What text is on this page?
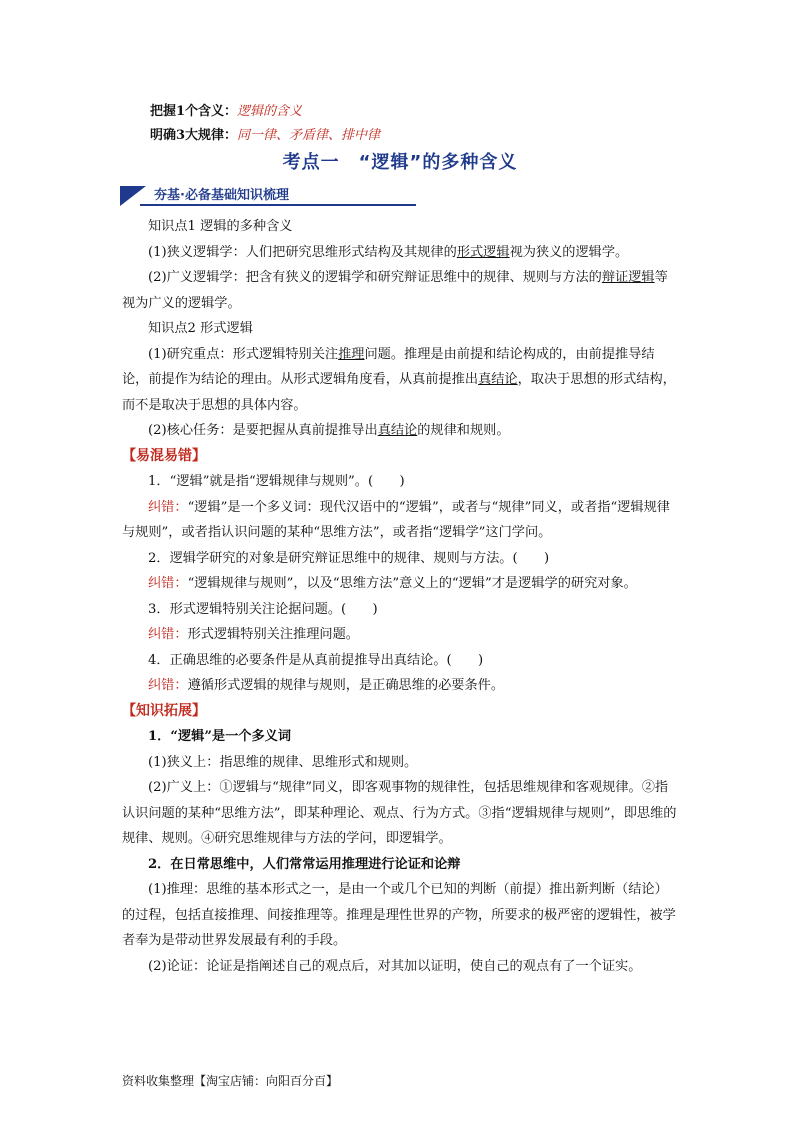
把握1个含义：逻辑的含义
明确3大规律：同一律、矛盾律、排中律
考点一　“逻辑”的多种含义
夯基·必备基础知识梳理

知识点1 逻辑的多种含义

(1)狭义逻辑学：人们把研究思维形式结构及其规律的形式逻辑视为狭义的逻辑学。

(2)广义逻辑学：把含有狭义的逻辑学和研究辩证思维中的规律、规则与方法的辩证逻辑等视为广义的逻辑学。

知识点2 形式逻辑

(1)研究重点：形式逻辑特别关注推理问题。推理是由前提和结论构成的，由前提推导结论，前提作为结论的理由。从形式逻辑角度看，从真前提推出真结论，取决于思想的形式结构，而不是取决于思想的具体内容。

(2)核心任务：是要把握从真前提推导出真结论的规律和规则。

【易混易错】

1．“逻辑”就是指“逻辑规律与规则”。(　　)

纠错：“逻辑”是一个多义词：现代汉语中的“逻辑”，或者与“规律”同义，或者指“逻辑规律与规则”，或者指认识问题的某种“思维方法”，或者指“逻辑学”这门学问。

2．逻辑学研究的对象是研究辩证思维中的规律、规则与方法。(　　)

纠错：“逻辑规律与规则”，以及“思维方法”意义上的“逻辑”才是逻辑学的研究对象。

3．形式逻辑特别关注论据问题。(　　)

纠错：形式逻辑特别关注推理问题。

4．正确思维的必要条件是从真前提推导出真结论。(　　)

纠错：遵循形式逻辑的规律与规则，是正确思维的必要条件。

【知识拓展】

1．“逻辑”是一个多义词

(1)狭义上：指思维的规律、思维形式和规则。

(2)广义上：①逻辑与“规律”同义，即客观事物的规律性，包括思维规律和客观规律。②指认识问题的某种“思维方法”，即某种理论、观点、行为方式。③指“逻辑规律与规则”，即思维的规律、规则。④研究思维规律与方法的学问，即逻辑学。

2．在日常思维中，人们常常运用推理进行论证和论辩

(1)推理：思维的基本形式之一，是由一个或几个已知的判断（前提）推出新判断（结论）的过程，包括直接推理、间接推理等。推理是理性世界的产物，所要求的极严密的逻辑性，被学者奉为是带动世界发展最有利的手段。

(2)论证：论证是指阐述自己的观点后，对其加以证明，使自己的观点有了一个证实。

资料收集整理【淘宝店铺：向阳百分百】
